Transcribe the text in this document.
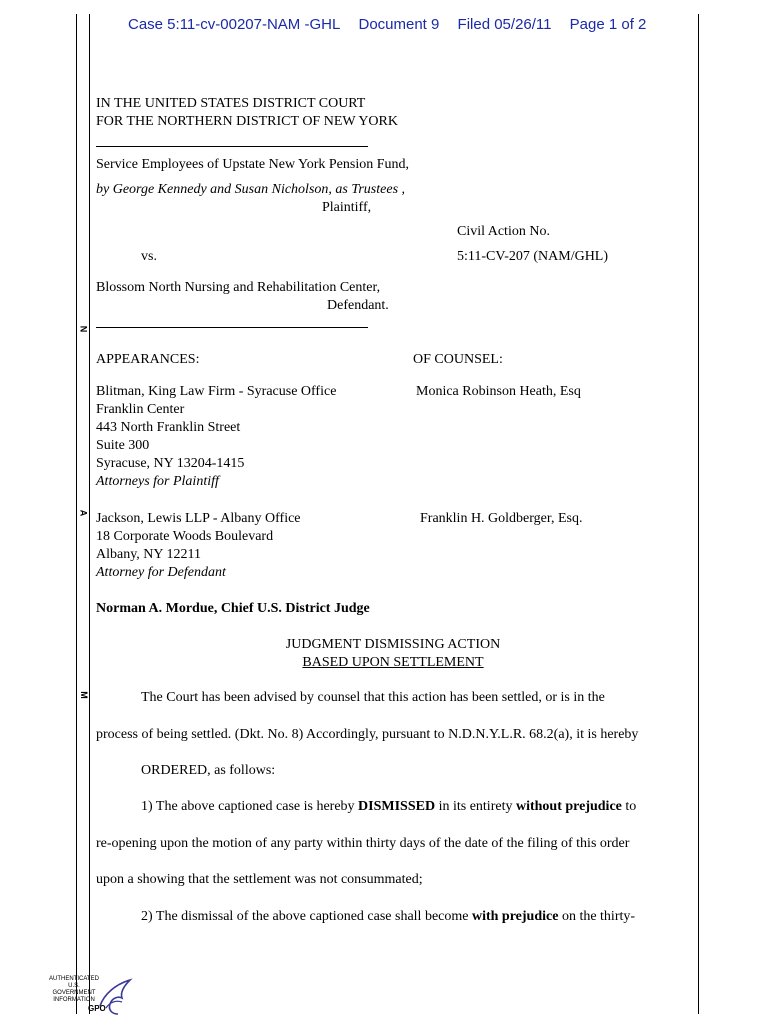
Case 5:11-cv-00207-NAM -GHL Document 9 Filed 05/26/11 Page 1 of 2
N
A
M
IN THE UNITED STATES DISTRICT COURT
FOR THE NORTHERN DISTRICT OF NEW YORK
Service Employees of Upstate New York Pension Fund,
by George Kennedy and Susan Nicholson, as Trustees ,
Plaintiff,
Civil Action No.
vs.	5:11-CV-207 (NAM/GHL)
Blossom North Nursing and Rehabilitation Center,
Defendant.
APPEARANCES:	OF COUNSEL:
Blitman, King Law Firm - Syracuse Office
Franklin Center
443 North Franklin Street
Suite 300
Syracuse, NY 13204-1415
Attorneys for Plaintiff
Monica Robinson Heath, Esq
Jackson, Lewis LLP - Albany Office
18 Corporate Woods Boulevard
Albany, NY 12211
Attorney for Defendant
Franklin H. Goldberger, Esq.
Norman A. Mordue, Chief U.S. District Judge
JUDGMENT DISMISSING ACTION
BASED UPON SETTLEMENT
The Court has been advised by counsel that this action has been settled, or is in the
process of being settled. (Dkt. No. 8) Accordingly, pursuant to N.D.N.Y.L.R. 68.2(a), it is hereby
ORDERED, as follows:
1) The above captioned case is hereby DISMISSED in its entirety without prejudice to
re-opening upon the motion of any party within thirty days of the date of the filing of this order
upon a showing that the settlement was not consummated;
2) The dismissal of the above captioned case shall become with prejudice on the thirty-
AUTHENTICATED
U.S. GOVERNMENT
INFORMATION
GPO
